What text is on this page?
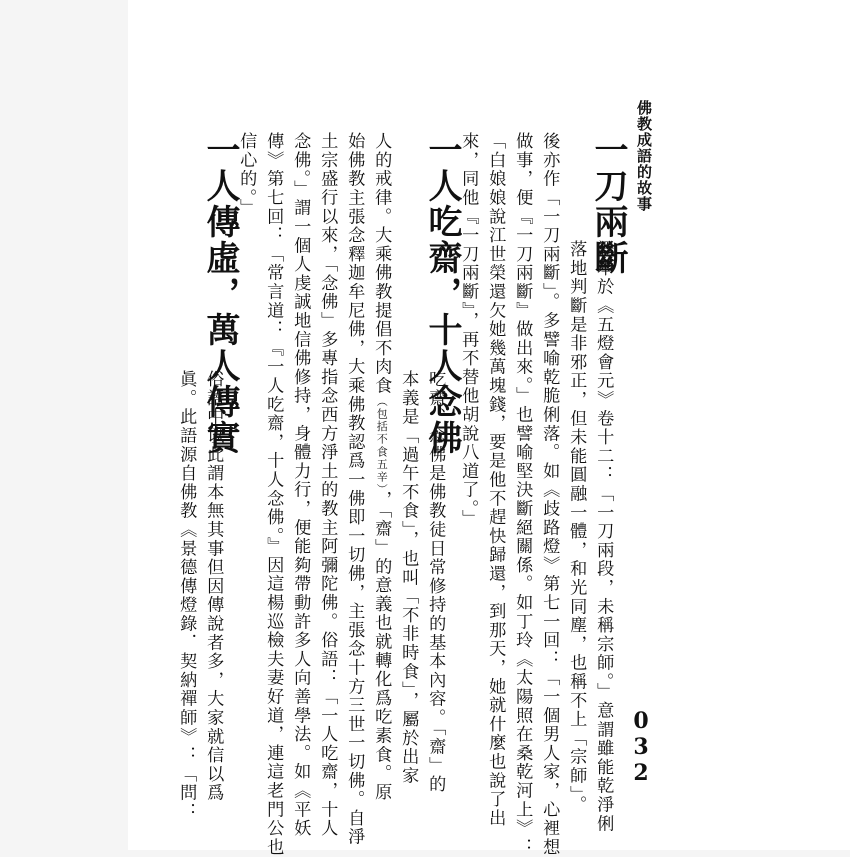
佛教成語的故事
032
一刀兩斷
語本於《五燈會元》卷十二：「一刀兩段，未稱宗師。」意謂雖能乾淨俐
落地判斷是非邪正，但未能圓融一體，和光同塵，也稱不上「宗師」。
後亦作「一刀兩斷」。多譬喻乾脆俐落。如《歧路燈》第七一回：「一個男人家，心裡想
做事，便『一刀兩斷』做出來。」也譬喻堅決斷絕關係。如丁玲《太陽照在桑乾河上》：
「白娘娘說江世榮還欠她幾萬塊錢，要是他不趕快歸還，到那天，她就什麼也說了出
來，同他『一刀兩斷』，再不替他胡說八道了。」
一人吃齋，十人念佛
吃齋、念佛是佛教徒日常修持的基本內容。「齋」的
本義是「過午不食」，也叫「不非時食」，屬於出家
人的戒律。大乘佛教提倡不肉食（包括不食五辛），「齋」的意義也就轉化爲吃素食。原
始佛教主張念釋迦牟尼佛，大乘佛教認爲一佛即一切佛，主張念十方三世一切佛。自淨
土宗盛行以來，「念佛」多專指念西方淨土的教主阿彌陀佛。俗語：「一人吃齋，十人
念佛。」謂一個人虔誠地信佛修持，身體力行，便能夠帶動許多人向善學法。如《平妖
傳》第七回：「常言道：『一人吃齋，十人念佛。』因這楊巡檢夫妻好道，連這老門公也
信心的。」
一人傳虛，萬人傳實
俗語中以此謂本無其事但因傳說者多，大家就信以爲
眞。此語源自佛教《景德傳燈錄．契納禪師》：「問：
